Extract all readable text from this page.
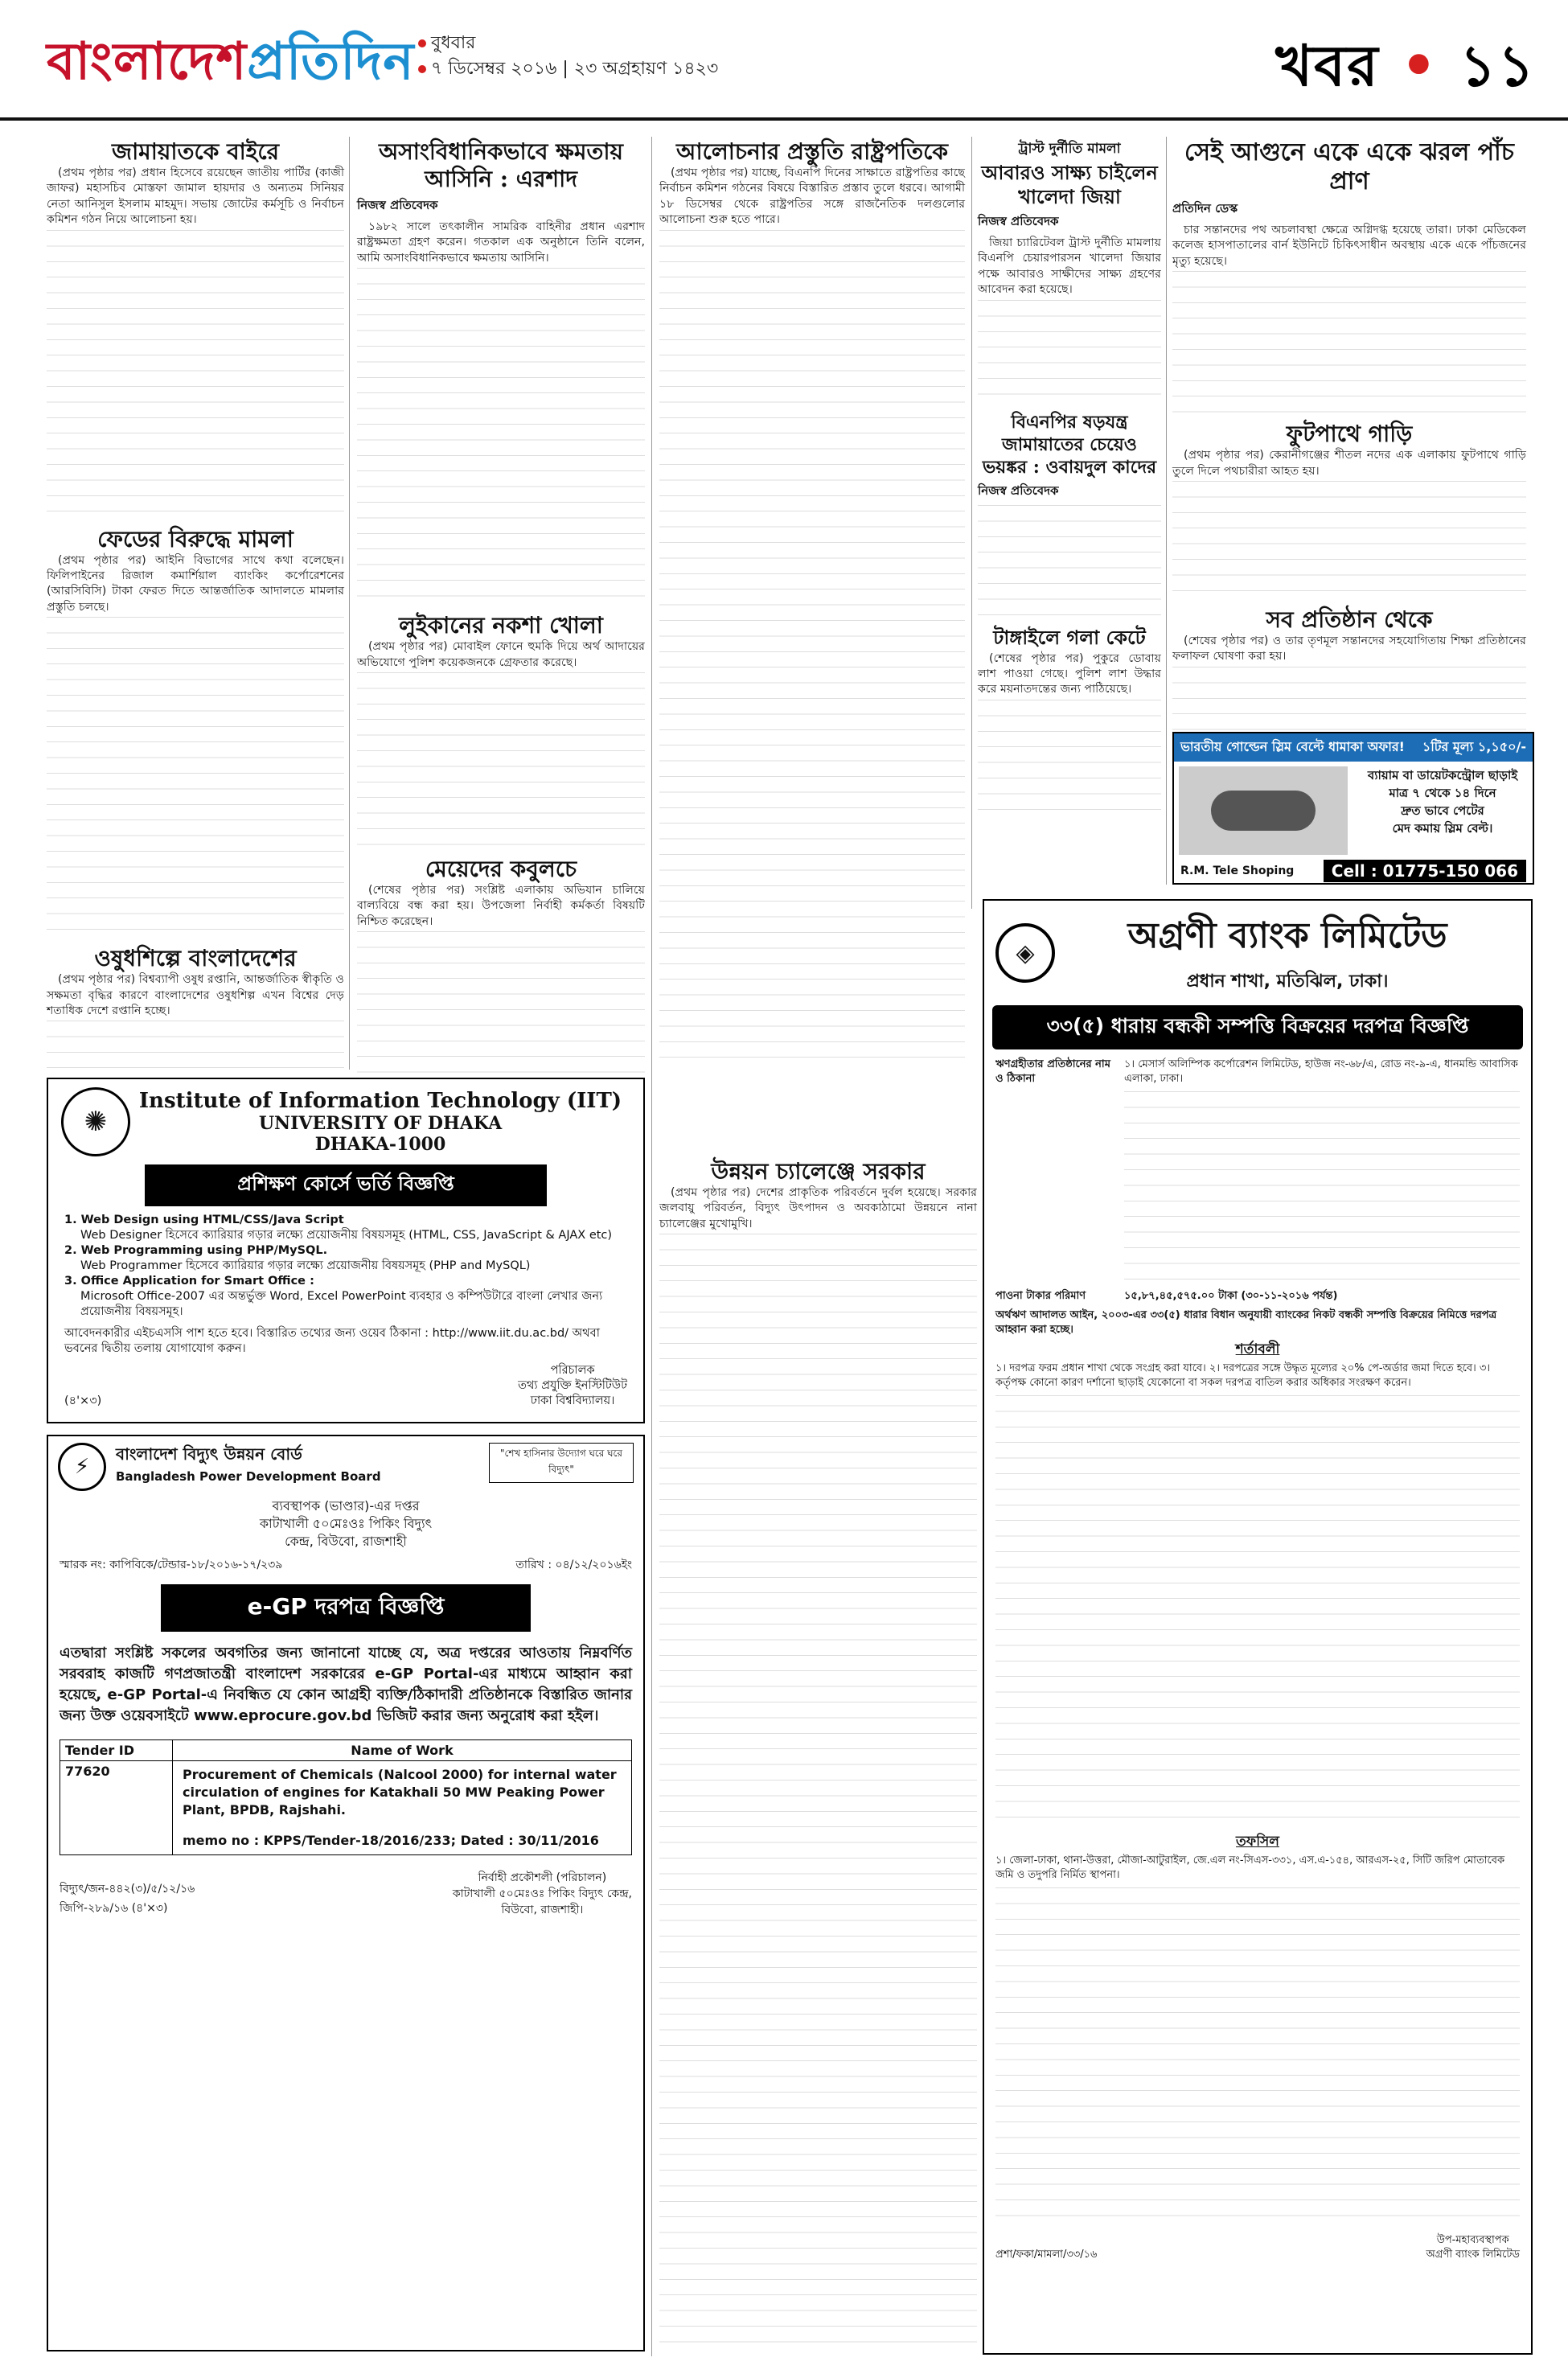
বাংলাদেশপ্রতিদিন বুধবার
৭ ডিসেম্বর ২০১৬ | ২৩ অগ্রহায়ণ ১৪২৩	খবর • ১১
জামায়াতকে বাইরে

(প্রথম পৃষ্ঠার পর) প্রধান হিসেবে রয়েছেন জাতীয় পার্টির (কাজী জাফর) মহাসচিব মোস্তফা জামাল হায়দার ও অন্যতম সিনিয়র নেতা আনিসুল ইসলাম মাহমুদ। সভায় জোটের কর্মসূচি ও নির্বাচন কমিশন গঠন নিয়ে আলোচনা হয়।

ফেডের বিরুদ্ধে মামলা

(প্রথম পৃষ্ঠার পর) আইনি বিভাগের সাথে কথা বলেছেন। ফিলিপাইনের রিজাল কমার্শিয়াল ব্যাংকিং কর্পোরেশনের (আরসিবিসি) টাকা ফেরত দিতে আন্তর্জাতিক আদালতে মামলার প্রস্তুতি চলছে।

ওষুধশিল্পে বাংলাদেশের

(প্রথম পৃষ্ঠার পর) বিশ্বব্যাপী ওষুধ রপ্তানি, আন্তর্জাতিক স্বীকৃতি ও সক্ষমতা বৃদ্ধির কারণে বাংলাদেশের ওষুধশিল্প এখন বিশ্বের দেড় শতাধিক দেশে রপ্তানি হচ্ছে।

অসাংবিধানিকভাবে ক্ষমতায় আসিনি : এরশাদ
নিজস্ব প্রতিবেদক

১৯৮২ সালে তৎকালীন সামরিক বাহিনীর প্রধান এরশাদ রাষ্ট্রক্ষমতা গ্রহণ করেন। গতকাল এক অনুষ্ঠানে তিনি বলেন, আমি অসাংবিধানিকভাবে ক্ষমতায় আসিনি।

লুইকানের নকশা খোলা

(প্রথম পৃষ্ঠার পর) মোবাইল ফোনে হুমকি দিয়ে অর্থ আদায়ের অভিযোগে পুলিশ কয়েকজনকে গ্রেফতার করেছে।

মেয়েদের কবুলচে

(শেষের পৃষ্ঠার পর) সংশ্লিষ্ট এলাকায় অভিযান চালিয়ে বাল্যবিয়ে বন্ধ করা হয়। উপজেলা নির্বাহী কর্মকর্তা বিষয়টি নিশ্চিত করেছেন।

আলোচনার প্রস্তুতি রাষ্ট্রপতিকে

(প্রথম পৃষ্ঠার পর) যাচ্ছে, বিএনপি দিনের সাক্ষাতে রাষ্ট্রপতির কাছে নির্বাচন কমিশন গঠনের বিষয়ে বিস্তারিত প্রস্তাব তুলে ধরবে। আগামী ১৮ ডিসেম্বর থেকে রাষ্ট্রপতির সঙ্গে রাজনৈতিক দলগুলোর আলোচনা শুরু হতে পারে।

উন্নয়ন চ্যালেঞ্জে সরকার

(প্রথম পৃষ্ঠার পর) দেশের প্রাকৃতিক পরিবর্তনে দুর্বল হয়েছে। সরকার জলবায়ু পরিবর্তন, বিদ্যুৎ উৎপাদন ও অবকাঠামো উন্নয়নে নানা চ্যালেঞ্জের মুখোমুখি।

ট্রাস্ট দুর্নীতি মামলা
আবারও সাক্ষ্য চাইলেন খালেদা জিয়া
নিজস্ব প্রতিবেদক

জিয়া চ্যারিটেবল ট্রাস্ট দুর্নীতি মামলায় বিএনপি চেয়ারপারসন খালেদা জিয়ার পক্ষে আবারও সাক্ষীদের সাক্ষ্য গ্রহণের আবেদন করা হয়েছে।

বিএনপির ষড়যন্ত্র জামায়াতের চেয়েও ভয়ঙ্কর : ওবায়দুল কাদের
নিজস্ব প্রতিবেদক
টাঙ্গাইলে গলা কেটে

(শেষের পৃষ্ঠার পর) পুকুরে ডোবায় লাশ পাওয়া গেছে। পুলিশ লাশ উদ্ধার করে ময়নাতদন্তের জন্য পাঠিয়েছে।

সেই আগুনে একে একে ঝরল পাঁচ প্রাণ
প্রতিদিন ডেস্ক

চার সন্তানদের পথ অচলাবস্থা ক্ষেত্রে অগ্নিদগ্ধ হয়েছে তারা। ঢাকা মেডিকেল কলেজ হাসপাতালের বার্ন ইউনিটে চিকিৎসাধীন অবস্থায় একে একে পাঁচজনের মৃত্যু হয়েছে।

ফুটপাথে গাড়ি

(প্রথম পৃষ্ঠার পর) কেরানীগঞ্জের শীতল নদের এক এলাকায় ফুটপাথে গাড়ি তুলে দিলে পথচারীরা আহত হয়।

সব প্রতিষ্ঠান থেকে

(শেষের পৃষ্ঠার পর) ও তার তৃণমূল সন্তানদের সহযোগিতায় শিক্ষা প্রতিষ্ঠানের ফলাফল ঘোষণা করা হয়।

ভারতীয় গোল্ডেন স্লিম বেল্টে ধামাকা অফার! ১টির মূল্য ১,১৫০/-
ব্যায়াম বা ডায়েটকন্ট্রোল ছাড়াই
মাত্র ৭ থেকে ১৪ দিনে
দ্রুত ভাবে পেটের
মেদ কমায় স্লিম বেল্ট।
R.M. Tele Shoping	Cell : 01775-150 066
◈	অগ্রণী ব্যাংক লিমিটেড
প্রধান শাখা, মতিঝিল, ঢাকা।
৩৩(৫) ধারায় বন্ধকী সম্পত্তি বিক্রয়ের দরপত্র বিজ্ঞপ্তি
ঋণগ্রহীতার প্রতিষ্ঠানের নাম ও ঠিকানা
১। মেসার্স অলিম্পিক কর্পোরেশন লিমিটেড, হাউজ নং-৬৮/এ, রোড নং-৯-এ, ধানমন্ডি আবাসিক এলাকা, ঢাকা।
পাওনা টাকার পরিমাণ	১৫,৮৭,৪৫,৫৭৫.০০ টাকা (৩০-১১-২০১৬ পর্যন্ত)
অর্থঋণ আদালত আইন, ২০০৩-এর ৩৩(৫) ধারার বিধান অনুযায়ী ব্যাংকের নিকট বন্ধকী সম্পত্তি বিক্রয়ের নিমিত্তে দরপত্র আহ্বান করা হচ্ছে।
শর্তাবলী
১। দরপত্র ফরম প্রধান শাখা থেকে সংগ্রহ করা যাবে। ২। দরপত্রের সঙ্গে উদ্ধৃত মূল্যের ২০% পে-অর্ডার জমা দিতে হবে। ৩। কর্তৃপক্ষ কোনো কারণ দর্শানো ছাড়াই যেকোনো বা সকল দরপত্র বাতিল করার অধিকার সংরক্ষণ করেন।
তফসিল
১। জেলা-ঢাকা, থানা-উত্তরা, মৌজা-আটুরাইল, জে.এল নং-সিএস-৩৩১, এস.এ-১৫৪, আরএস-২৫, সিটি জরিপ মোতাবেক জমি ও তদুপরি নির্মিত স্থাপনা।
প্রশা/ফকা/মামলা/৩৩/১৬
উপ-মহাব্যবস্থাপক
অগ্রণী ব্যাংক লিমিটেড
✺
Institute of Information Technology (IIT)
UNIVERSITY OF DHAKA
DHAKA-1000
প্রশিক্ষণ কোর্সে ভর্তি বিজ্ঞপ্তি
1. Web Design using HTML/CSS/Java Script
Web Designer হিসেবে ক্যারিয়ার গড়ার লক্ষ্যে প্রয়োজনীয় বিষয়সমূহ (HTML, CSS, JavaScript & AJAX etc)
2. Web Programming using PHP/MySQL.
Web Programmer হিসেবে ক্যারিয়ার গড়ার লক্ষ্যে প্রয়োজনীয় বিষয়সমূহ (PHP and MySQL)
3. Office Application for Smart Office :
Microsoft Office-2007 এর অন্তর্ভুক্ত Word, Excel PowerPoint ব্যবহার ও কম্পিউটারে বাংলা লেখার জন্য প্রয়োজনীয় বিষয়সমূহ।
আবেদনকারীর এইচএসসি পাশ হতে হবে। বিস্তারিত তথ্যের জন্য ওয়েব ঠিকানা : http://www.iit.du.ac.bd/ অথবা ভবনের দ্বিতীয় তলায় যোগাযোগ করুন।
(৪'×৩)
পরিচালক
তথ্য প্রযুক্তি ইনস্টিটিউট
ঢাকা বিশ্ববিদ্যালয়।
⚡
বাংলাদেশ বিদ্যুৎ উন্নয়ন বোর্ড
Bangladesh Power Development Board
"শেখ হাসিনার উদ্যোগ ঘরে ঘরে বিদ্যুৎ"
ব্যবস্থাপক (ভাণ্ডার)-এর দপ্তর
কাটাখালী ৫০মেঃওঃ পিকিং বিদ্যুৎ
কেন্দ্র, বিউবো, রাজশাহী
স্মারক নং: কাপিবিকে/টেন্ডার-১৮/২০১৬-১৭/২৩৯	তারিখ : ০৪/১২/২০১৬ইং
e-GP দরপত্র বিজ্ঞপ্তি
এতদ্বারা সংশ্লিষ্ট সকলের অবগতির জন্য জানানো যাচ্ছে যে, অত্র দপ্তরের আওতায় নিম্নবর্ণিত সরবরাহ কাজটি গণপ্রজাতন্ত্রী বাংলাদেশ সরকারের e-GP Portal-এর মাধ্যমে আহ্বান করা হয়েছে, e-GP Portal-এ নিবন্ধিত যে কোন আগ্রহী ব্যক্তি/ঠিকাদারী প্রতিষ্ঠানকে বিস্তারিত জানার জন্য উক্ত ওয়েবসাইটে www.eprocure.gov.bd ভিজিট করার জন্য অনুরোধ করা হইল।
Tender ID	Name of Work
77620	Procurement of Chemicals (Nalcool 2000) for internal water circulation of engines for Katakhali 50 MW Peaking Power Plant, BPDB, Rajshahi.
memo no : KPPS/Tender-18/2016/233; Dated : 30/11/2016
বিদ্যুৎ/জন-৪৪২(৩)/৫/১২/১৬
জিপি-২৮৯/১৬ (৪'×৩)
নির্বাহী প্রকৌশলী (পরিচালন)
কাটাখালী ৫০মেঃওঃ পিকিং বিদ্যুৎ কেন্দ্র,
বিউবো, রাজশাহী।
